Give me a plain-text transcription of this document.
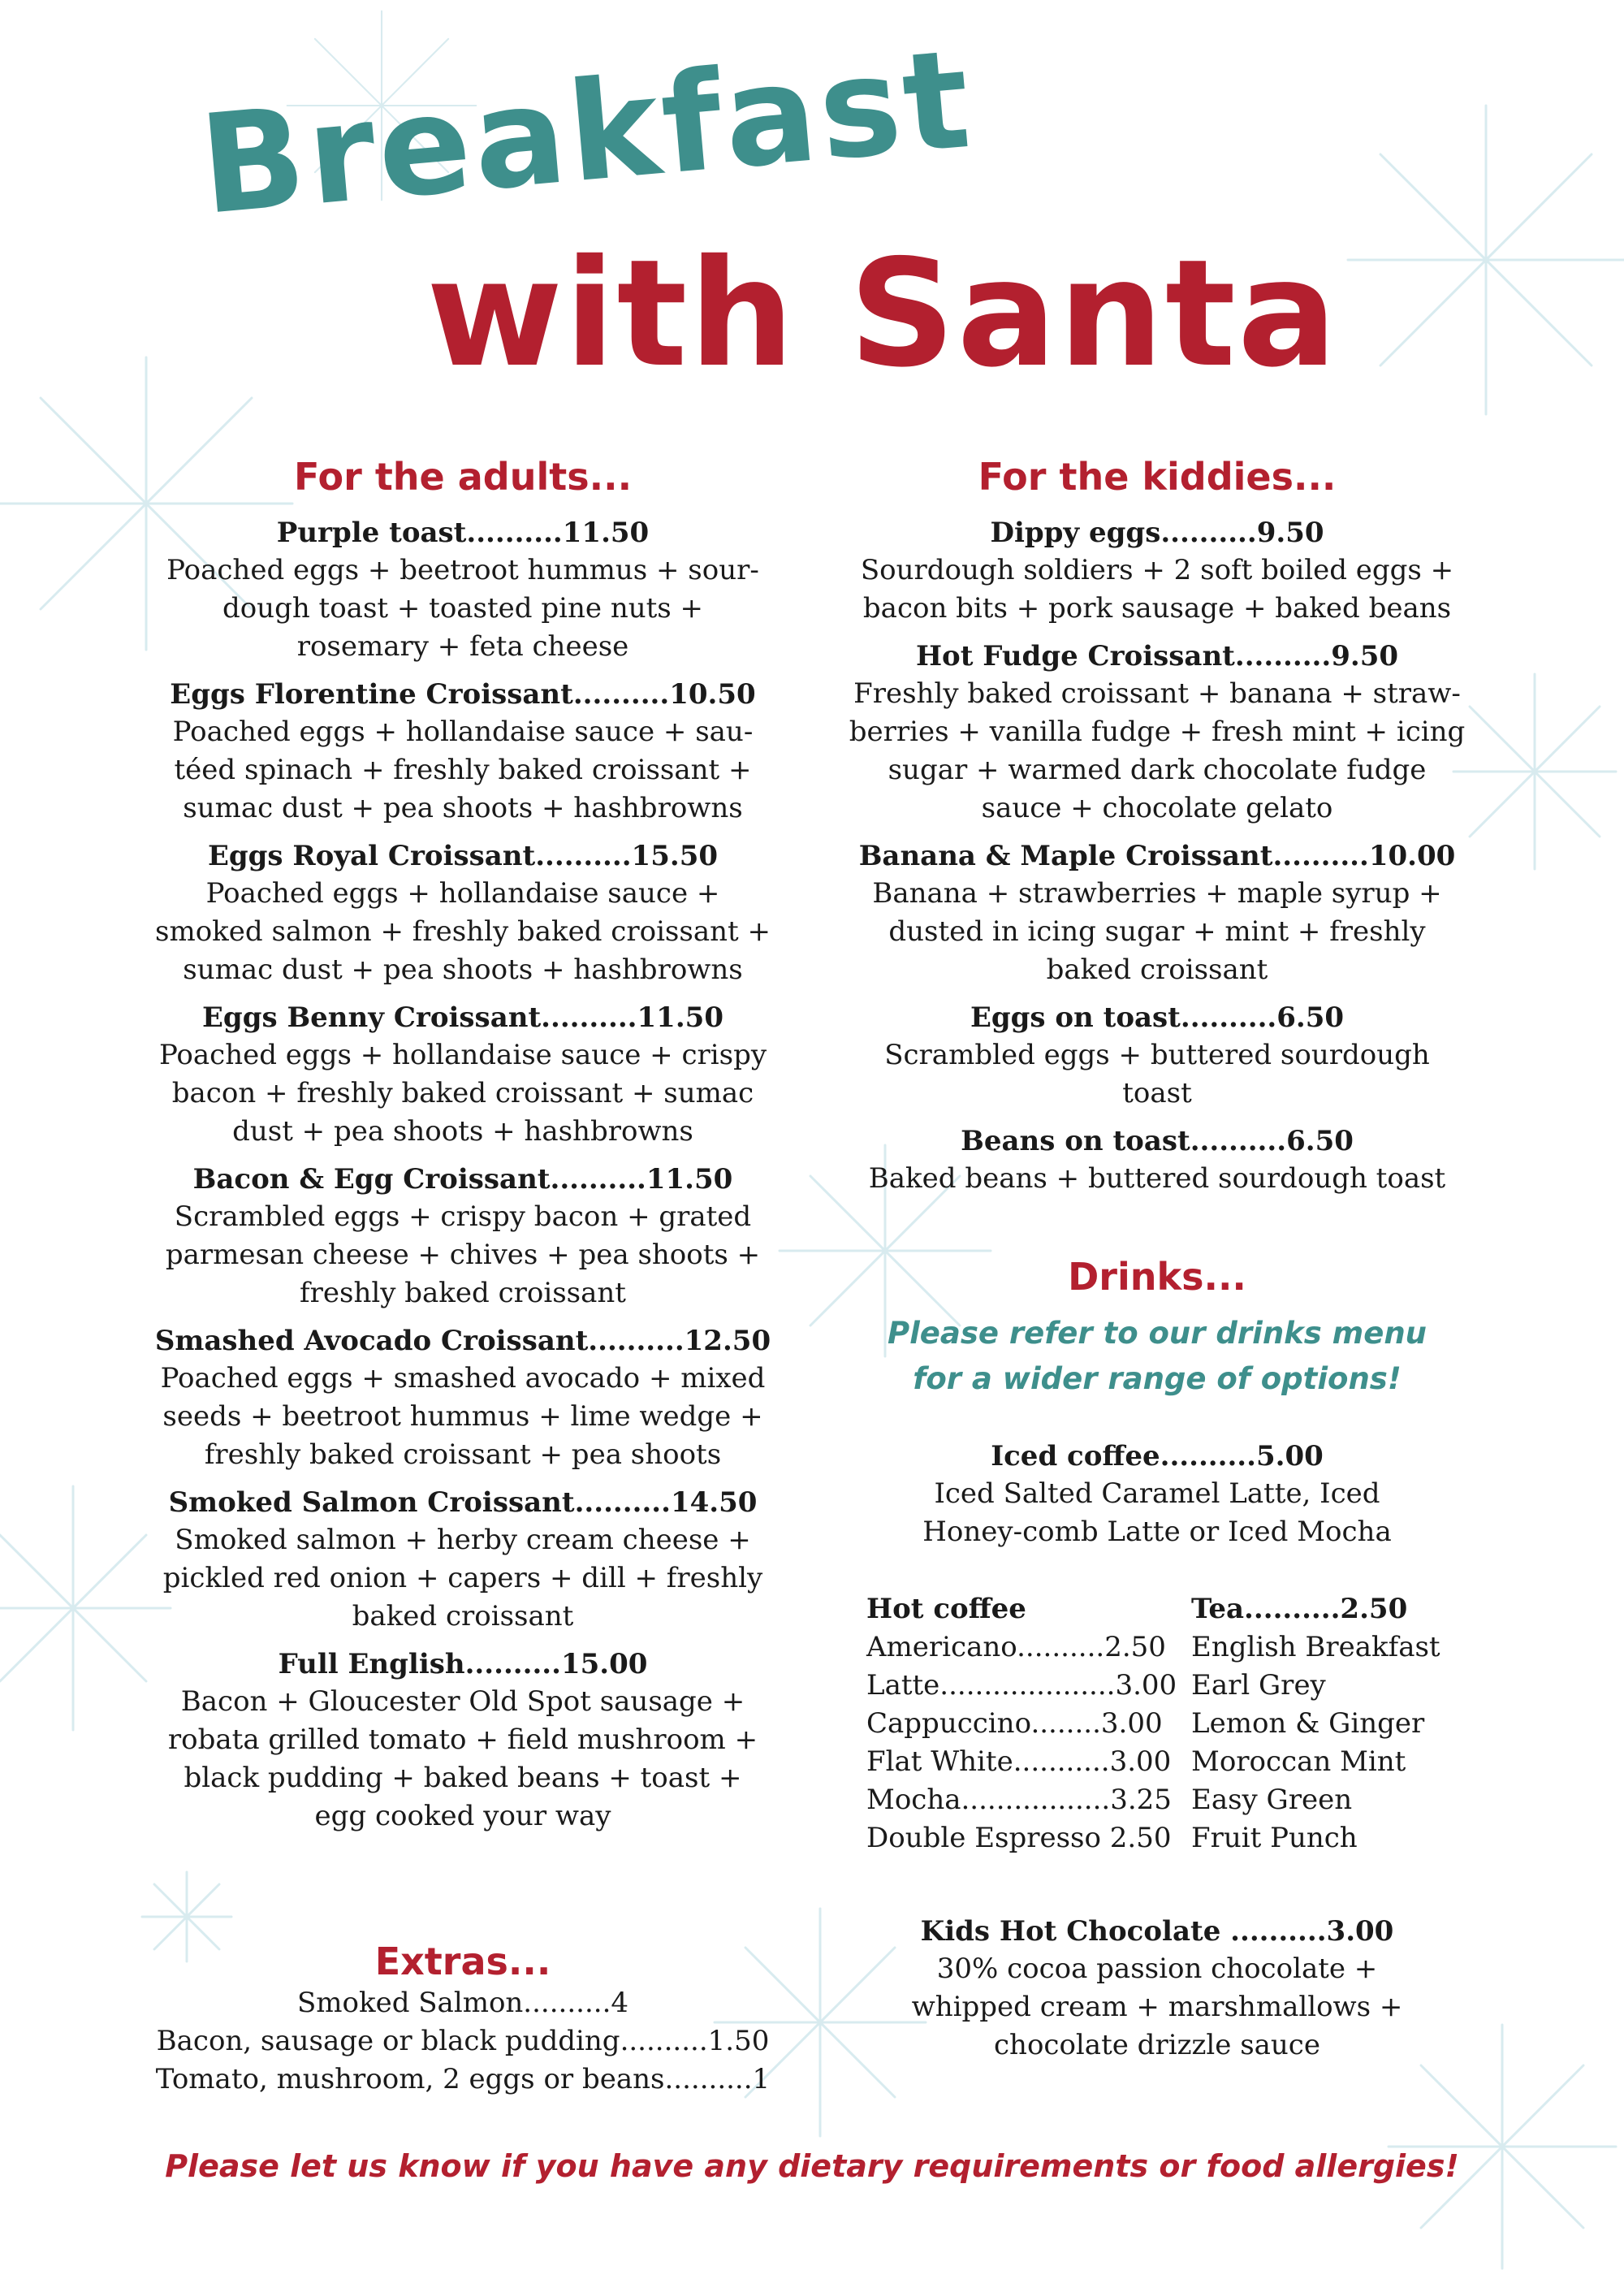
Breakfast
with Santa
For the adults...
Purple toast..........11.50
Poached eggs + beetroot hummus + sour-dough toast + toasted pine nuts + rosemary + feta cheese
Eggs Florentine Croissant..........10.50
Poached eggs + hollandaise sauce + sau-téed spinach + freshly baked croissant + sumac dust + pea shoots + hashbrowns
Eggs Royal Croissant..........15.50
Poached eggs + hollandaise sauce + smoked salmon + freshly baked croissant + sumac dust + pea shoots + hashbrowns
Eggs Benny Croissant..........11.50
Poached eggs + hollandaise sauce + crispy bacon + freshly baked croissant + sumac dust + pea shoots + hashbrowns
Bacon & Egg Croissant..........11.50
Scrambled eggs + crispy bacon + grated parmesan cheese + chives + pea shoots + freshly baked croissant
Smashed Avocado Croissant..........12.50
Poached eggs + smashed avocado + mixed seeds + beetroot hummus + lime wedge + freshly baked croissant + pea shoots
Smoked Salmon Croissant..........14.50
Smoked salmon + herby cream cheese + pickled red onion + capers + dill + freshly baked croissant
Full English..........15.00
Bacon + Gloucester Old Spot sausage + robata grilled tomato + field mushroom + black pudding + baked beans + toast + egg cooked your way
Extras...
Smoked Salmon..........4
Bacon, sausage or black pudding..........1.50
Tomato, mushroom, 2 eggs or beans..........1
For the kiddies...
Dippy eggs..........9.50
Sourdough soldiers + 2 soft boiled eggs + bacon bits + pork sausage + baked beans
Hot Fudge Croissant..........9.50
Freshly baked croissant + banana + straw-berries + vanilla fudge + fresh mint + icing sugar + warmed dark chocolate fudge sauce + chocolate gelato
Banana & Maple Croissant..........10.00
Banana + strawberries + maple syrup + dusted in icing sugar + mint + freshly baked croissant
Eggs on toast..........6.50
Scrambled eggs + buttered sourdough toast
Beans on toast..........6.50
Baked beans + buttered sourdough toast
Drinks...
Please refer to our drinks menu for a wider range of options!
Iced coffee..........5.00
Iced Salted Caramel Latte, Iced Honey-comb Latte or Iced Mocha
Hot coffee
Americano..........2.50
Latte....................3.00
Cappuccino........3.00
Flat White...........3.00
Mocha.................3.25
Double Espresso 2.50
Tea..........2.50
English Breakfast
Earl Grey
Lemon & Ginger
Moroccan Mint
Easy Green
Fruit Punch
Kids Hot Chocolate ..........3.00
30% cocoa passion chocolate + whipped cream + marshmallows + chocolate drizzle sauce
Please let us know if you have any dietary requirements or food allergies!
